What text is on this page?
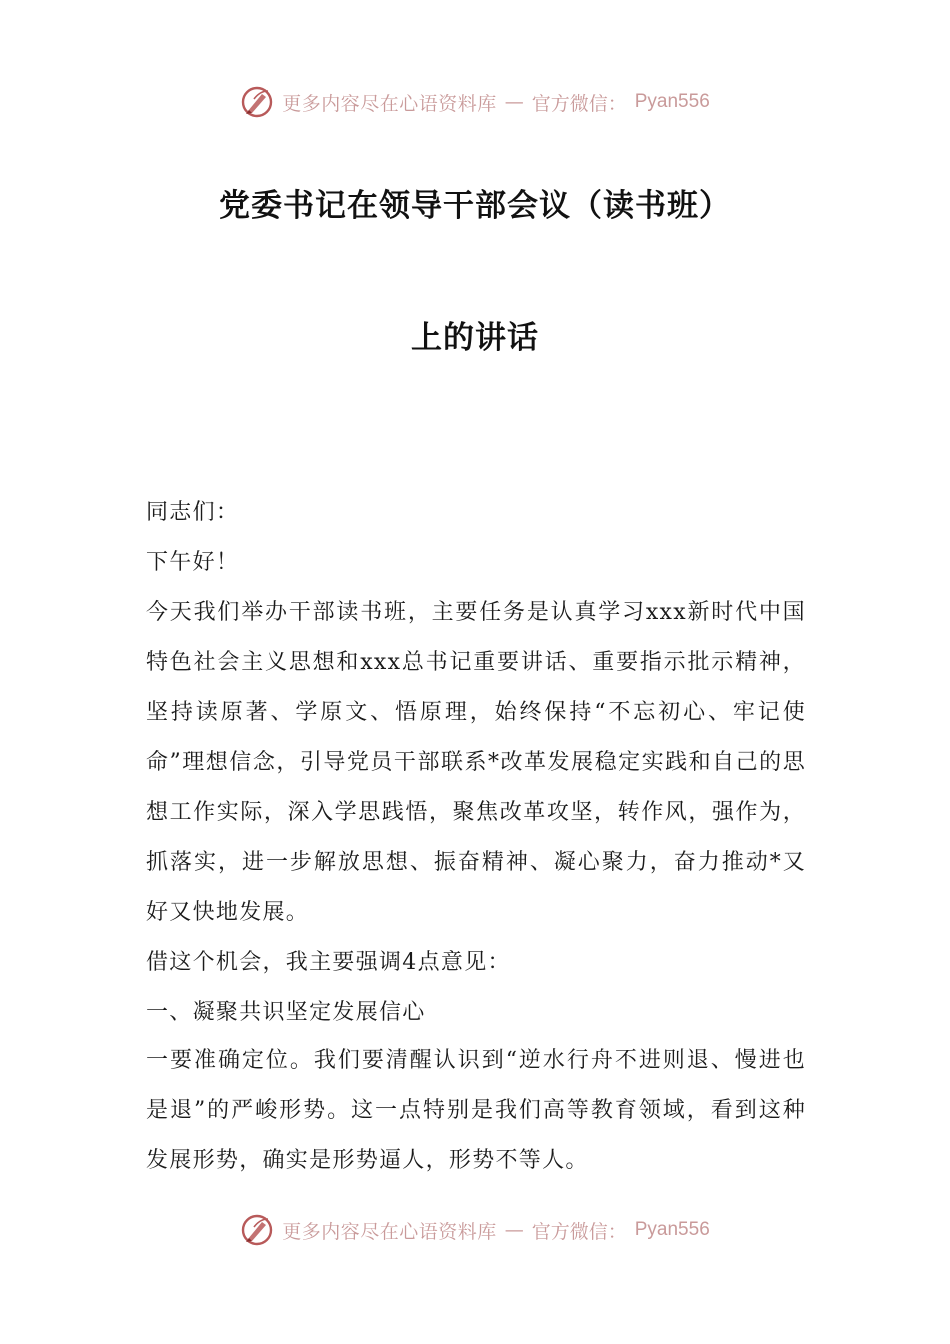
更多内容尽在心语资料库 — 官方微信： Pyan556
党委书记在领导干部会议（读书班）
上的讲话

同志们：

下午好！

今天我们举办干部读书班，主要任务是认真学习xxx新时代中国特色社会主义思想和xxx总书记重要讲话、重要指示批示精神，坚持读原著、学原文、悟原理，始终保持“不忘初心、牢记使命”理想信念，引导党员干部联系*改革发展稳定实践和自己的思想工作实际，深入学思践悟，聚焦改革攻坚，转作风，强作为，抓落实，进一步解放思想、振奋精神、凝心聚力，奋力推动*又好又快地发展。

借这个机会，我主要强调4点意见：

一、凝聚共识坚定发展信心

一要准确定位。我们要清醒认识到“逆水行舟不进则退、慢进也是退”的严峻形势。这一点特别是我们高等教育领域，看到这种发展形势，确实是形势逼人，形势不等人。

更多内容尽在心语资料库 — 官方微信： Pyan556
